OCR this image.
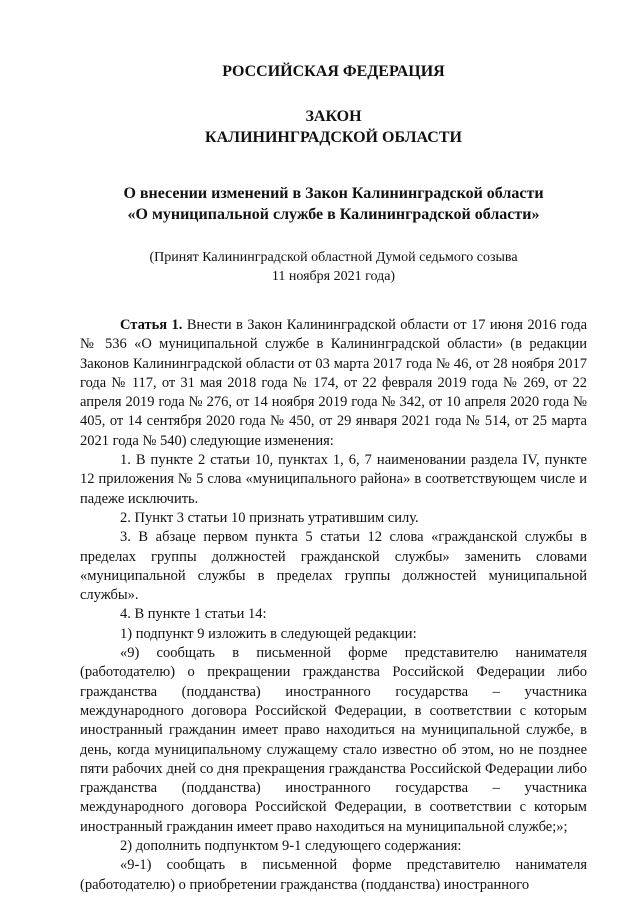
РОССИЙСКАЯ ФЕДЕРАЦИЯ
ЗАКОН
КАЛИНИНГРАДСКОЙ ОБЛАСТИ
О внесении изменений в Закон Калининградской области
«О муниципальной службе в Калининградской области»
(Принят Калининградской областной Думой седьмого созыва
11 ноября 2021 года)

Статья 1. Внести в Закон Калининградской области от 17 июня 2016 года № 536 «О муниципальной службе в Калининградской области» (в редакции Законов Калининградской области от 03 марта 2017 года № 46, от 28 ноября 2017 года № 117, от 31 мая 2018 года № 174, от 22 февраля 2019 года № 269, от 22 апреля 2019 года № 276, от 14 ноября 2019 года № 342, от 10 апреля 2020 года № 405, от 14 сентября 2020 года № 450, от 29 января 2021 года № 514, от 25 марта 2021 года № 540) следующие изменения:

1. В пункте 2 статьи 10, пунктах 1, 6, 7 наименовании раздела IV, пункте 12 приложения № 5 слова «муниципального района» в соответствующем числе и падеже исключить.

2. Пункт 3 статьи 10 признать утратившим силу.

3. В абзаце первом пункта 5 статьи 12 слова «гражданской службы в пределах группы должностей гражданской службы» заменить словами «муниципальной службы в пределах группы должностей муниципальной службы».

4. В пункте 1 статьи 14:

1) подпункт 9 изложить в следующей редакции:

«9) сообщать в письменной форме представителю нанимателя (работодателю) о прекращении гражданства Российской Федерации либо гражданства (подданства) иностранного государства – участника международного договора Российской Федерации, в соответствии с которым иностранный гражданин имеет право находиться на муниципальной службе, в день, когда муниципальному служащему стало известно об этом, но не позднее пяти рабочих дней со дня прекращения гражданства Российской Федерации либо гражданства (подданства) иностранного государства – участника международного договора Российской Федерации, в соответствии с которым иностранный гражданин имеет право находиться на муниципальной службе;»;

2) дополнить подпунктом 9-1 следующего содержания:

«9-1) сообщать в письменной форме представителю нанимателя (работодателю) о приобретении гражданства (подданства) иностранного
